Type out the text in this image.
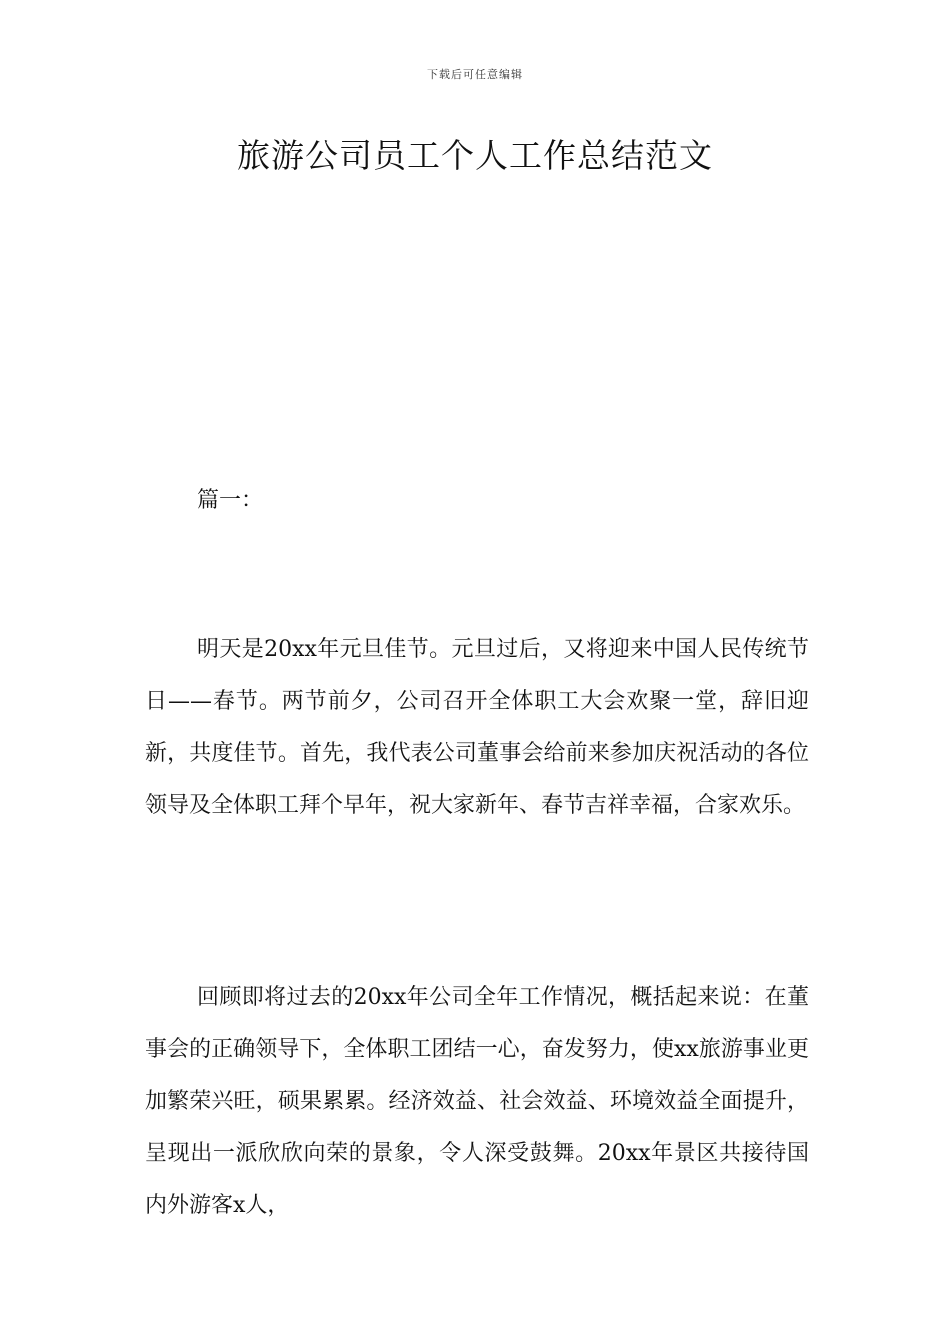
下载后可任意编辑
旅游公司员工个人工作总结范文
篇一：

明天是20xx年元旦佳节。元旦过后，又将迎来中国人民传统节日——春节。两节前夕，公司召开全体职工大会欢聚一堂，辞旧迎新，共度佳节。首先，我代表公司董事会给前来参加庆祝活动的各位领导及全体职工拜个早年，祝大家新年、春节吉祥幸福，合家欢乐。

回顾即将过去的20xx年公司全年工作情况，概括起来说：在董事会的正确领导下，全体职工团结一心，奋发努力，使xx旅游事业更加繁荣兴旺，硕果累累。经济效益、社会效益、环境效益全面提升，呈现出一派欣欣向荣的景象，令人深受鼓舞。20xx年景区共接待国内外游客x人，
